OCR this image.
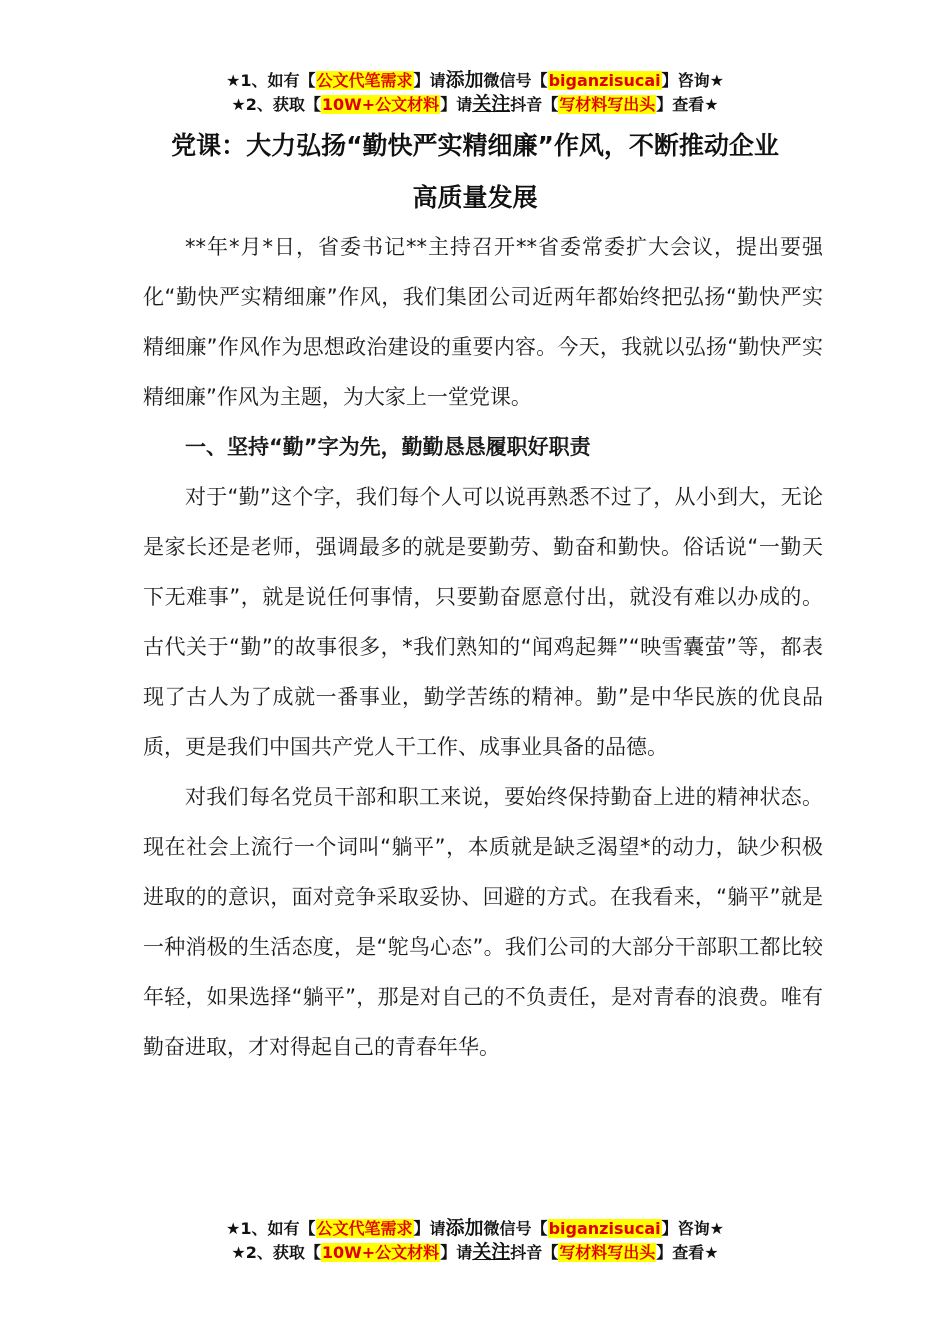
★1、如有【公文代笔需求】请添加微信号【biganzisucai】咨询★
★2、获取【10W+公文材料】请关注抖音【写材料写出头】查看★
党课：大力弘扬“勤快严实精细廉”作风，不断推动企业
高质量发展

**年*月*日，省委书记**主持召开**省委常委扩大会议，提出要强化“勤快严实精细廉”作风，我们集团公司近两年都始终把弘扬“勤快严实精细廉”作风作为思想政治建设的重要内容。今天，我就以弘扬“勤快严实精细廉”作风为主题，为大家上一堂党课。

一、坚持“勤”字为先，勤勤恳恳履职好职责

对于“勤”这个字，我们每个人可以说再熟悉不过了，从小到大，无论是家长还是老师，强调最多的就是要勤劳、勤奋和勤快。俗话说“一勤天下无难事”，就是说任何事情，只要勤奋愿意付出，就没有难以办成的。古代关于“勤”的故事很多，*我们熟知的“闻鸡起舞”“映雪囊萤”等，都表现了古人为了成就一番事业，勤学苦练的精神。勤”是中华民族的优良品质，更是我们中国共产党人干工作、成事业具备的品德。

对我们每名党员干部和职工来说，要始终保持勤奋上进的精神状态。现在社会上流行一个词叫“躺平”，本质就是缺乏渴望*的动力，缺少积极进取的的意识，面对竞争采取妥协、回避的方式。在我看来，“躺平”就是一种消极的生活态度，是“鸵鸟心态”。我们公司的大部分干部职工都比较年轻，如果选择“躺平”，那是对自己的不负责任，是对青春的浪费。唯有勤奋进取，才对得起自己的青春年华。

★1、如有【公文代笔需求】请添加微信号【biganzisucai】咨询★
★2、获取【10W+公文材料】请关注抖音【写材料写出头】查看★
